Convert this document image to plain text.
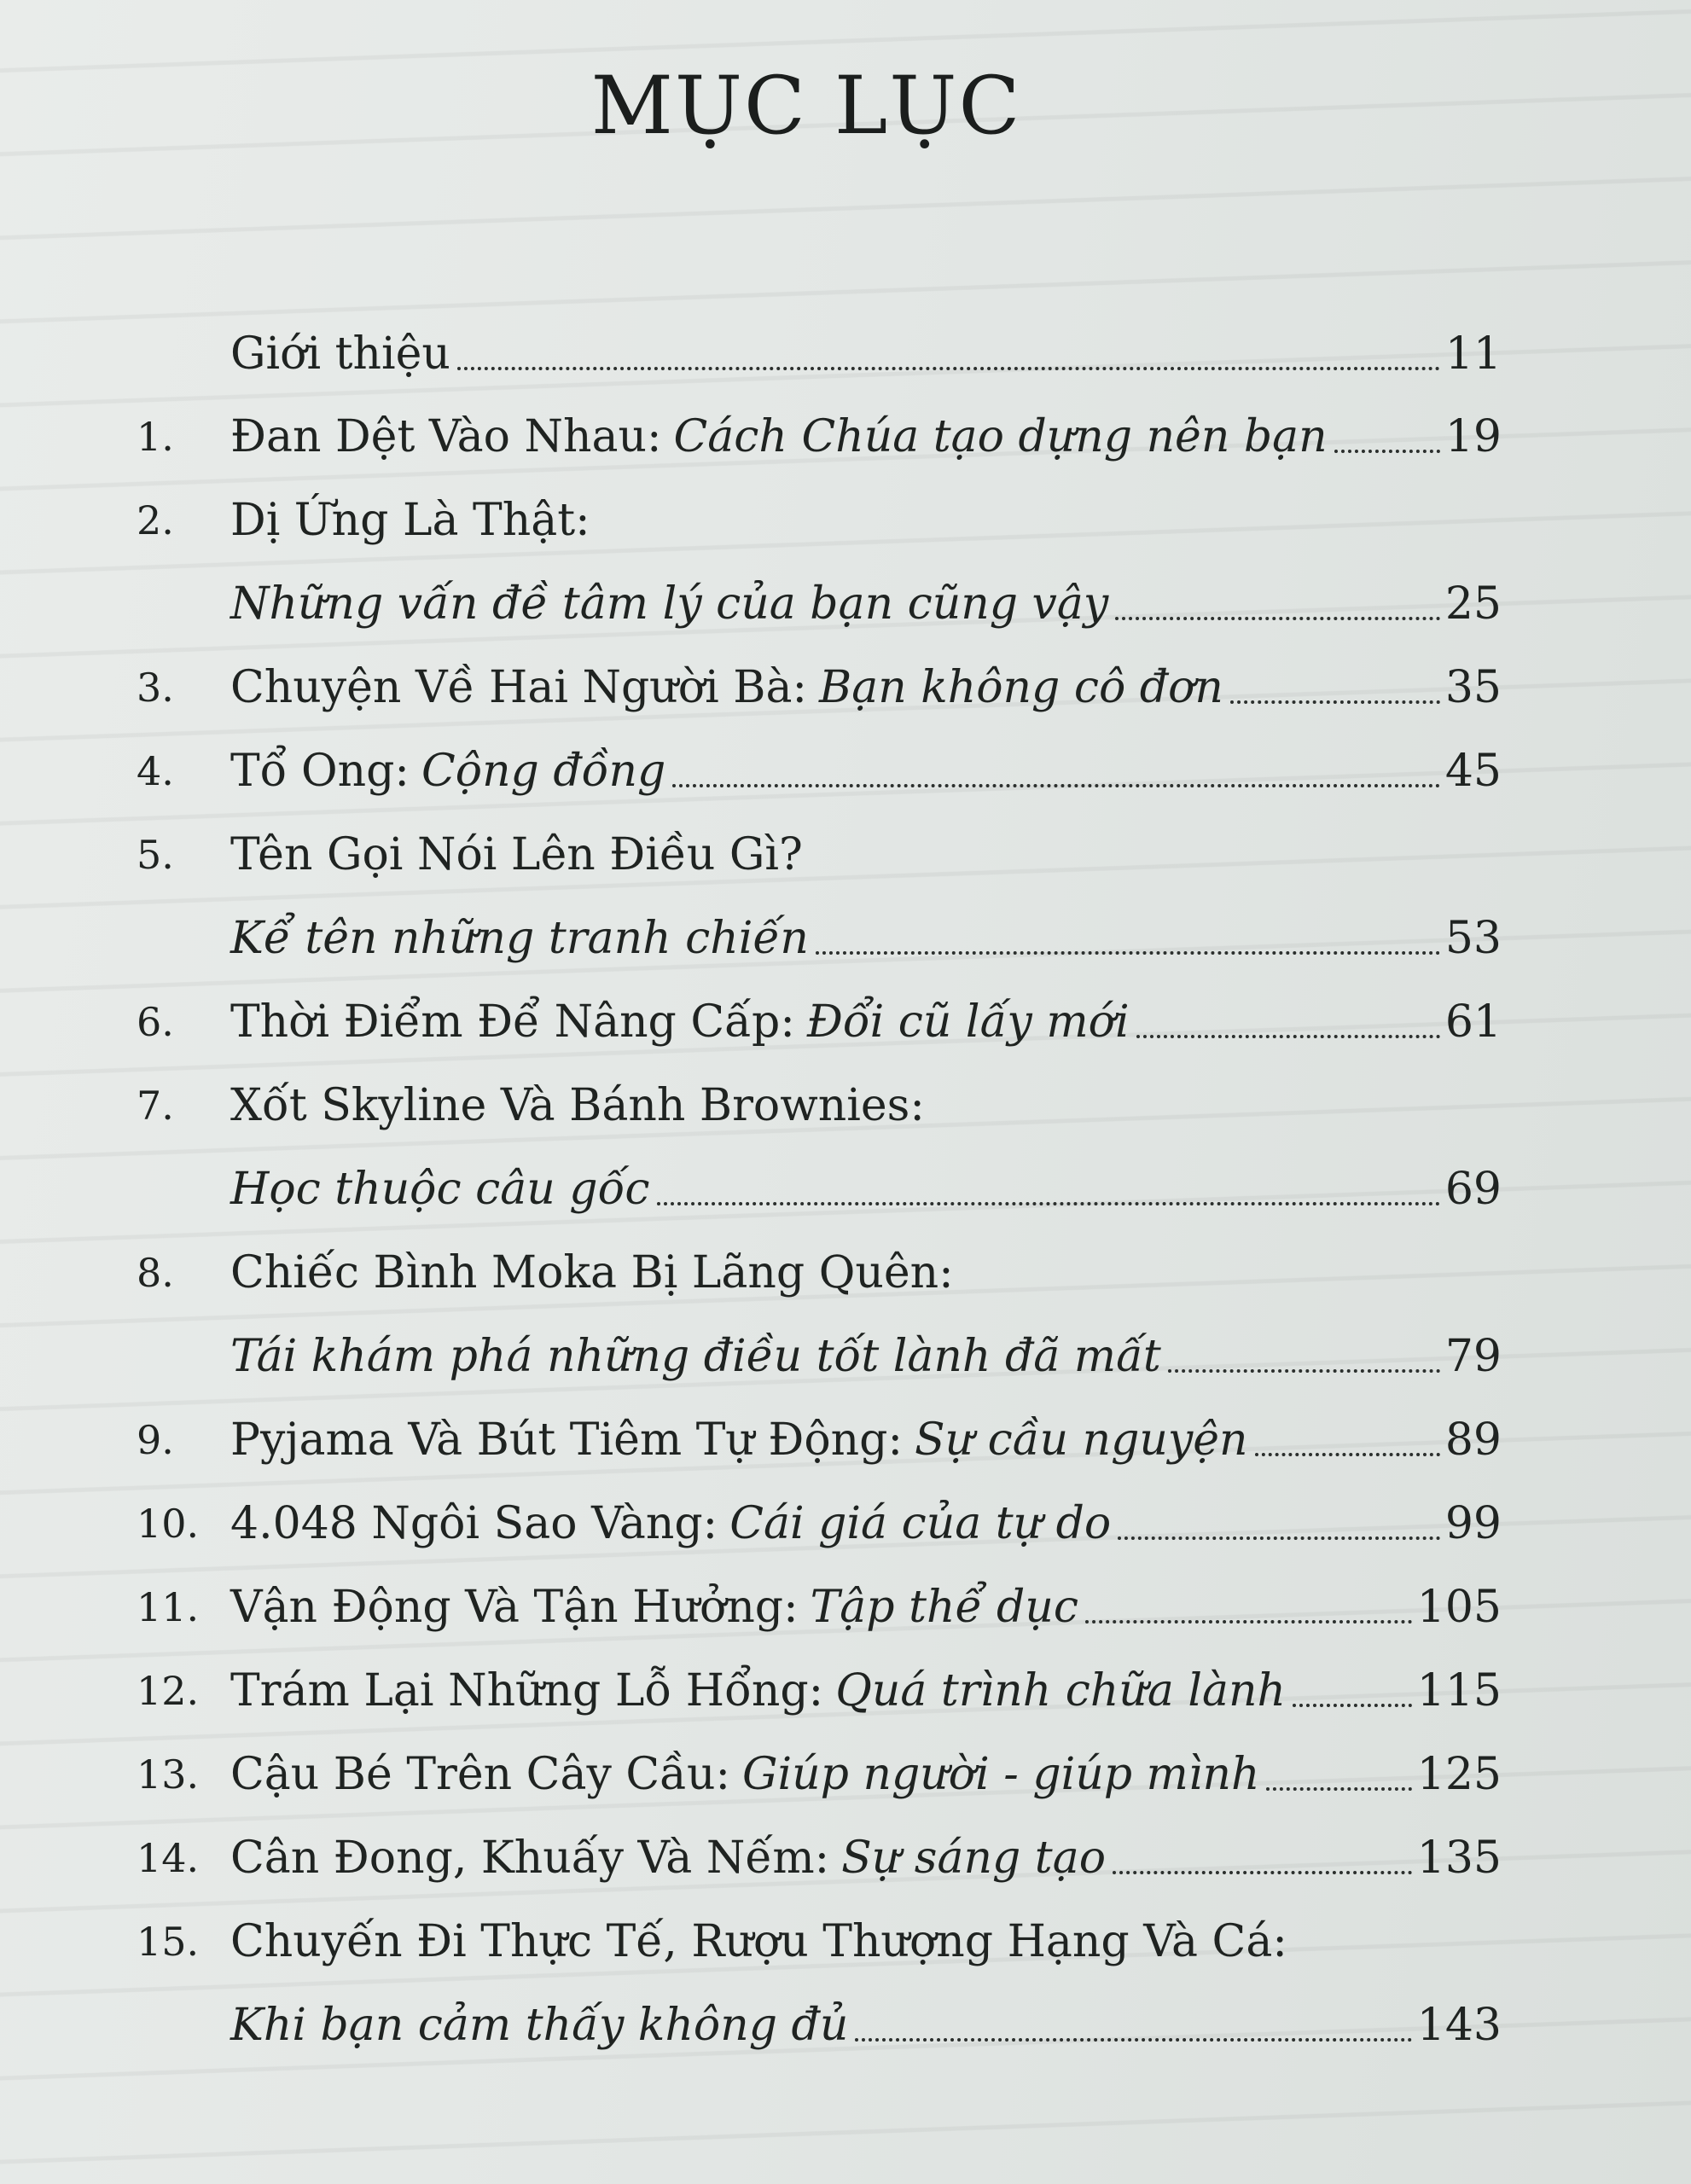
MỤC LỤC
Giới thiệu	11
1.	Đan Dệt Vào Nhau: Cách Chúa tạo dựng nên bạn	19
2.	Dị Ứng Là Thật:
Những vấn đề tâm lý của bạn cũng vậy	25
3.	Chuyện Về Hai Người Bà: Bạn không cô đơn	35
4.	Tổ Ong: Cộng đồng	45
5.	Tên Gọi Nói Lên Điều Gì?
Kể tên những tranh chiến	53
6.	Thời Điểm Để Nâng Cấp: Đổi cũ lấy mới	61
7.	Xốt Skyline Và Bánh Brownies:
Học thuộc câu gốc	69
8.	Chiếc Bình Moka Bị Lãng Quên:
Tái khám phá những điều tốt lành đã mất	79
9.	Pyjama Và Bút Tiêm Tự Động: Sự cầu nguyện	89
10. 4.048 Ngôi Sao Vàng: Cái giá của tự do	99
11. Vận Động Và Tận Hưởng: Tập thể dục	105
12. Trám Lại Những Lỗ Hổng: Quá trình chữa lành	115
13. Cậu Bé Trên Cây Cầu: Giúp người - giúp mình	125
14. Cân Đong, Khuấy Và Nếm: Sự sáng tạo	135
15. Chuyến Đi Thực Tế, Rượu Thượng Hạng Và Cá:
Khi bạn cảm thấy không đủ	143
